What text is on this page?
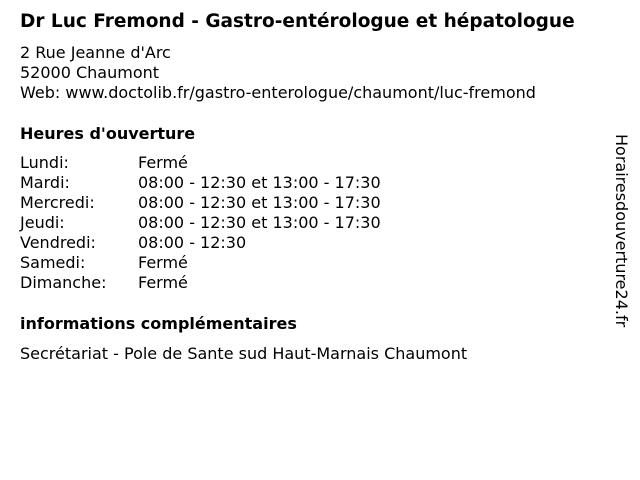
Dr Luc Fremond - Gastro-entérologue et hépatologue
2 Rue Jeanne d'Arc
52000 Chaumont
Web: www.doctolib.fr/gastro-enterologue/chaumont/luc-fremond
Heures d'ouverture
Lundi:	Fermé
Mardi:	08:00 - 12:30 et 13:00 - 17:30
Mercredi:	08:00 - 12:30 et 13:00 - 17:30
Jeudi:	08:00 - 12:30 et 13:00 - 17:30
Vendredi:	08:00 - 12:30
Samedi:	Fermé
Dimanche:	Fermé
informations complémentaires
Secrétariat - Pole de Sante sud Haut-Marnais Chaumont
Horairesdouverture24.fr
